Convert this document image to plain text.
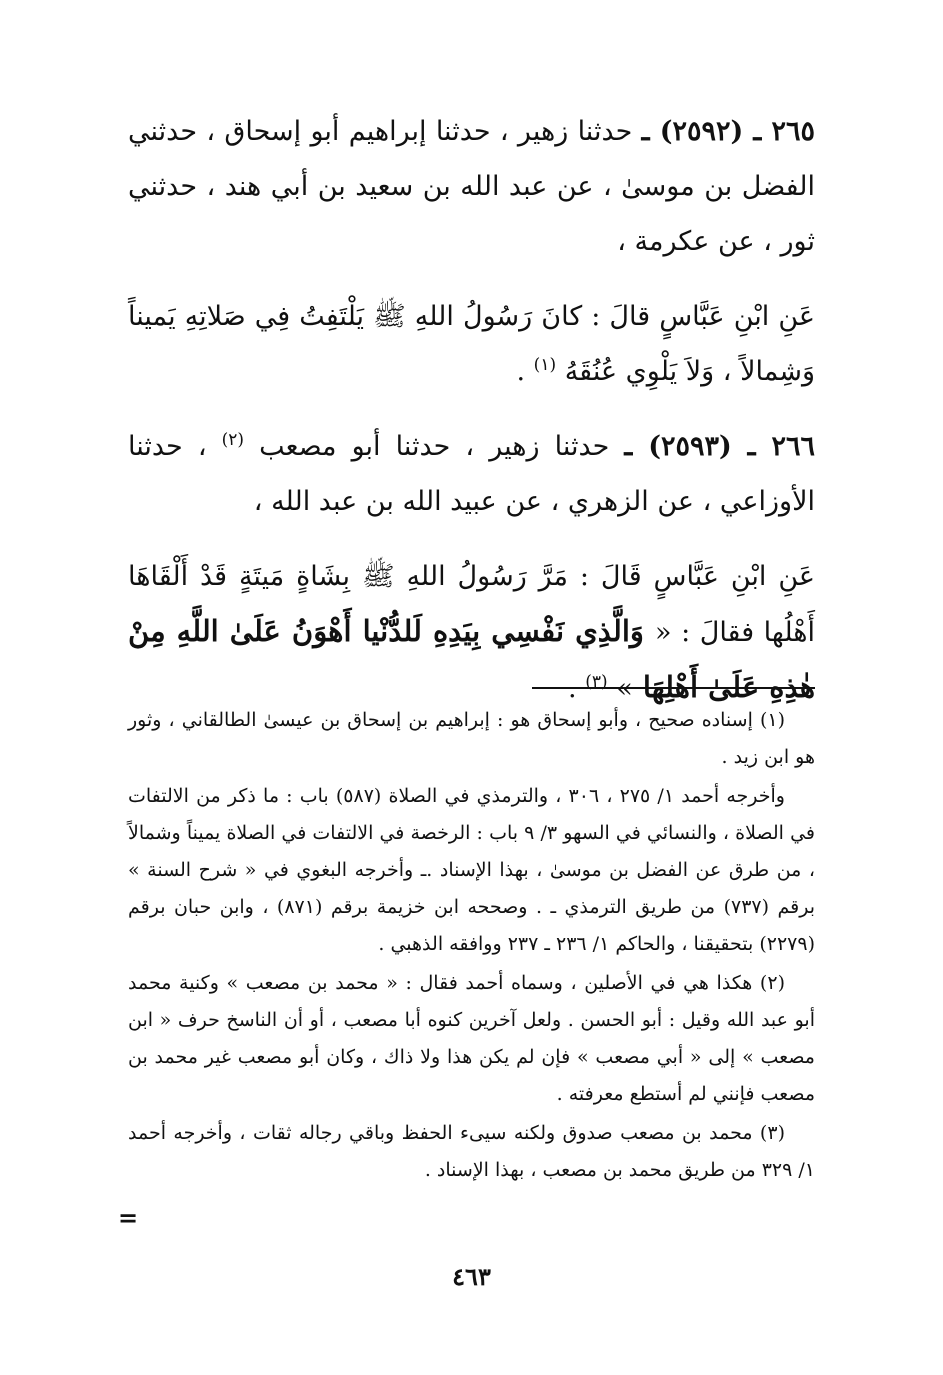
٢٦٥ ـ (٢٥٩٢) ـ حدثنا زهير ، حدثنا إبراهيم أبو إسحاق ، حدثني الفضل بن موسىٰ ، عن عبد الله بن سعيد بن أبي هند ، حدثني ثور ، عن عكرمة ،

عَنِ ابْنِ عَبَّاسٍ قالَ : كانَ رَسُولُ اللهِ ﷺ يَلْتَفِتُ فِي صَلاتِهِ يَميناً وَشِمالاً ، وَلاَ يَلْوِي عُنُقَهُ $^{(١)}$ .

٢٦٦ ـ (٢٥٩٣) ـ حدثنا زهير ، حدثنا أبو مصعب $^{(٢)}$ ، حدثنا الأوزاعي ، عن الزهري ، عن عبيد الله بن عبد الله ،

عَنِ ابْنِ عَبَّاسٍ قَالَ : مَرَّ رَسُولُ اللهِ ﷺ بِشَاةٍ مَيتَةٍ قَدْ أَلْقَاهَا أَهْلُها فقالَ : « وَالَّذِي نَفْسِي بِيَدِهِ لَلدُّنْيا أَهْوَنُ عَلَىٰ اللَّهِ مِنْ هٰذِهِ عَلَىٰ أَهْلِهَا » $^{(٣)}$ .

(١) إسناده صحيح ، وأبو إسحاق هو : إبراهيم بن إسحاق بن عيسىٰ الطالقاني ، وثور هو ابن زيد .

وأخرجه أحمد ١/ ٢٧٥ ، ٣٠٦ ، والترمذي في الصلاة (٥٨٧) باب : ما ذكر من الالتفات في الصلاة ، والنسائي في السهو ٣/ ٩ باب : الرخصة في الالتفات في الصلاة يميناً وشمالاً ، من طرق عن الفضل بن موسىٰ ، بهذا الإسناد .ـ وأخرجه البغوي في « شرح السنة » برقم (٧٣٧) من طريق الترمذي ـ . وصححه ابن خزيمة برقم (٨٧١) ، وابن حبان برقم (٢٢٧٩) بتحقيقنا ، والحاكم ١/ ٢٣٦ ـ ٢٣٧ ووافقه الذهبي .

(٢) هكذا هي في الأصلين ، وسماه أحمد فقال : « محمد بن مصعب » وكنية محمد أبو عبد الله وقيل : أبو الحسن . ولعل آخرين كنوه أبا مصعب ، أو أن الناسخ حرف « ابن مصعب » إلى « أبي مصعب » فإن لم يكن هذا ولا ذاك ، وكان أبو مصعب غير محمد بن مصعب فإنني لم أستطع معرفته .

(٣) محمد بن مصعب صدوق ولكنه سيىء الحفظ وباقي رجاله ثقات ، وأخرجه أحمد ١/ ٣٢٩ من طريق محمد بن مصعب ، بهذا الإسناد .

=
٤٦٣
